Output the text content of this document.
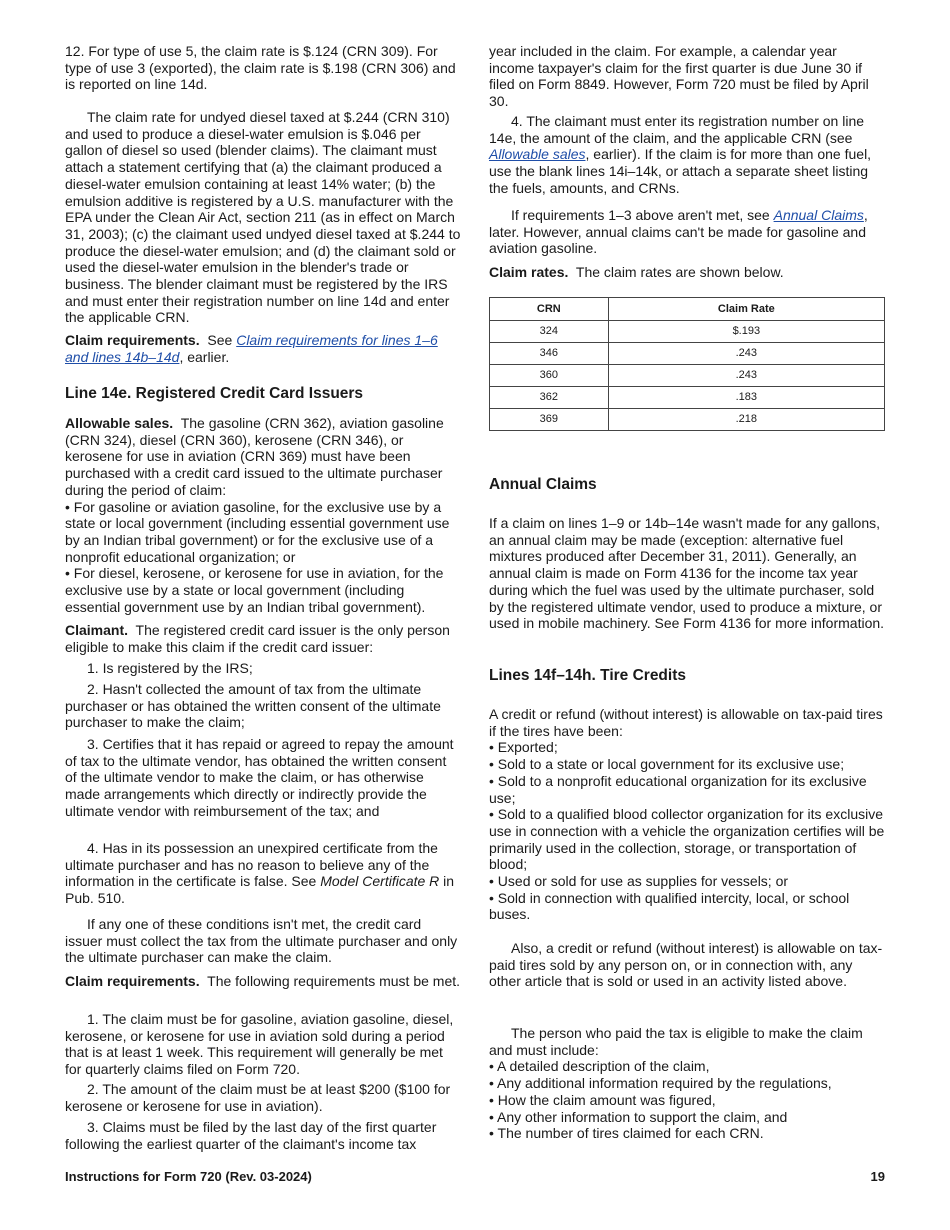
12. For type of use 5, the claim rate is $.124 (CRN 309). For type of use 3 (exported), the claim rate is $.198 (CRN 306) and is reported on line 14d.

The claim rate for undyed diesel taxed at $.244 (CRN 310) and used to produce a diesel-water emulsion is $.046 per gallon of diesel so used (blender claims). The claimant must attach a statement certifying that (a) the claimant produced a diesel-water emulsion containing at least 14% water; (b) the emulsion additive is registered by a U.S. manufacturer with the EPA under the Clean Air Act, section 211 (as in effect on March 31, 2003); (c) the claimant used undyed diesel taxed at $.244 to produce the diesel-water emulsion; and (d) the claimant sold or used the diesel-water emulsion in the blender's trade or business. The blender claimant must be registered by the IRS and must enter their registration number on line 14d and enter the applicable CRN.

Claim requirements. See Claim requirements for lines 1–6 and lines 14b–14d, earlier.

Line 14e. Registered Credit Card Issuers

Allowable sales. The gasoline (CRN 362), aviation gasoline (CRN 324), diesel (CRN 360), kerosene (CRN 346), or kerosene for use in aviation (CRN 369) must have been purchased with a credit card issued to the ultimate purchaser during the period of claim:
• For gasoline or aviation gasoline, for the exclusive use by a state or local government (including essential government use by an Indian tribal government) or for the exclusive use of a nonprofit educational organization; or
• For diesel, kerosene, or kerosene for use in aviation, for the exclusive use by a state or local government (including essential government use by an Indian tribal government).

Claimant. The registered credit card issuer is the only person eligible to make this claim if the credit card issuer:

1. Is registered by the IRS;

2. Hasn't collected the amount of tax from the ultimate purchaser or has obtained the written consent of the ultimate purchaser to make the claim;

3. Certifies that it has repaid or agreed to repay the amount of tax to the ultimate vendor, has obtained the written consent of the ultimate vendor to make the claim, or has otherwise made arrangements which directly or indirectly provide the ultimate vendor with reimbursement of the tax; and

4. Has in its possession an unexpired certificate from the ultimate purchaser and has no reason to believe any of the information in the certificate is false. See Model Certificate R in Pub. 510.

If any one of these conditions isn't met, the credit card issuer must collect the tax from the ultimate purchaser and only the ultimate purchaser can make the claim.

Claim requirements. The following requirements must be met.

1. The claim must be for gasoline, aviation gasoline, diesel, kerosene, or kerosene for use in aviation sold during a period that is at least 1 week. This requirement will generally be met for quarterly claims filed on Form 720.

2. The amount of the claim must be at least $200 ($100 for kerosene or kerosene for use in aviation).

3. Claims must be filed by the last day of the first quarter following the earliest quarter of the claimant's income tax

year included in the claim. For example, a calendar year income taxpayer's claim for the first quarter is due June 30 if filed on Form 8849. However, Form 720 must be filed by April 30.

4. The claimant must enter its registration number on line 14e, the amount of the claim, and the applicable CRN (see Allowable sales, earlier). If the claim is for more than one fuel, use the blank lines 14i–14k, or attach a separate sheet listing the fuels, amounts, and CRNs.

If requirements 1–3 above aren't met, see Annual Claims, later. However, annual claims can't be made for gasoline and aviation gasoline.

Claim rates. The claim rates are shown below.

CRN	Claim Rate
324	$.193
346	.243
360	.243
362	.183
369	.218
Annual Claims

If a claim on lines 1–9 or 14b–14e wasn't made for any gallons, an annual claim may be made (exception: alternative fuel mixtures produced after December 31, 2011). Generally, an annual claim is made on Form 4136 for the income tax year during which the fuel was used by the ultimate purchaser, sold by the registered ultimate vendor, used to produce a mixture, or used in mobile machinery. See Form 4136 for more information.

Lines 14f–14h. Tire Credits

A credit or refund (without interest) is allowable on tax-paid tires if the tires have been:
• Exported;
• Sold to a state or local government for its exclusive use;
• Sold to a nonprofit educational organization for its exclusive use;
• Sold to a qualified blood collector organization for its exclusive use in connection with a vehicle the organization certifies will be primarily used in the collection, storage, or transportation of blood;
• Used or sold for use as supplies for vessels; or
• Sold in connection with qualified intercity, local, or school buses.

Also, a credit or refund (without interest) is allowable on tax-paid tires sold by any person on, or in connection with, any other article that is sold or used in an activity listed above.

The person who paid the tax is eligible to make the claim and must include:
• A detailed description of the claim,
• Any additional information required by the regulations,
• How the claim amount was figured,
• Any other information to support the claim, and
• The number of tires claimed for each CRN.

Instructions for Form 720 (Rev. 03-2024)	19
